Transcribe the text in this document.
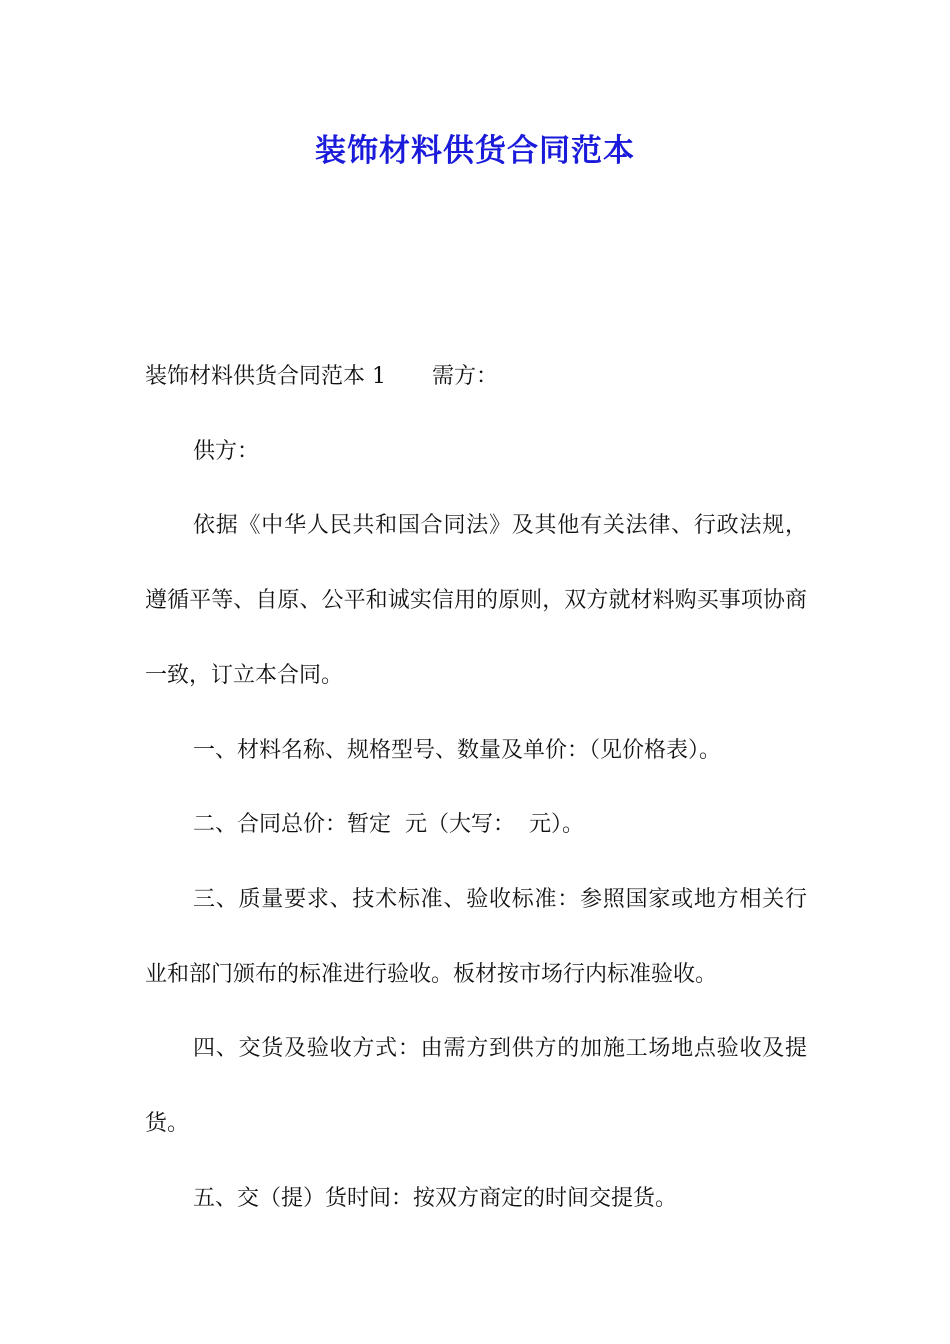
装饰材料供货合同范本

装饰材料供货合同范本 1 需方：

供方：

依据《中华人民共和国合同法》及其他有关法律、行政法规，遵循平等、自原、公平和诚实信用的原则，双方就材料购买事项协商一致，订立本合同。

一、材料名称、规格型号、数量及单价：（见价格表）。

二、合同总价：暂定  元（大写：  元）。

三、质量要求、技术标准、验收标准：参照国家或地方相关行业和部门颁布的标准进行验收。板材按市场行内标准验收。

四、交货及验收方式：由需方到供方的加施工场地点验收及提货。

五、交（提）货时间：按双方商定的时间交提货。
